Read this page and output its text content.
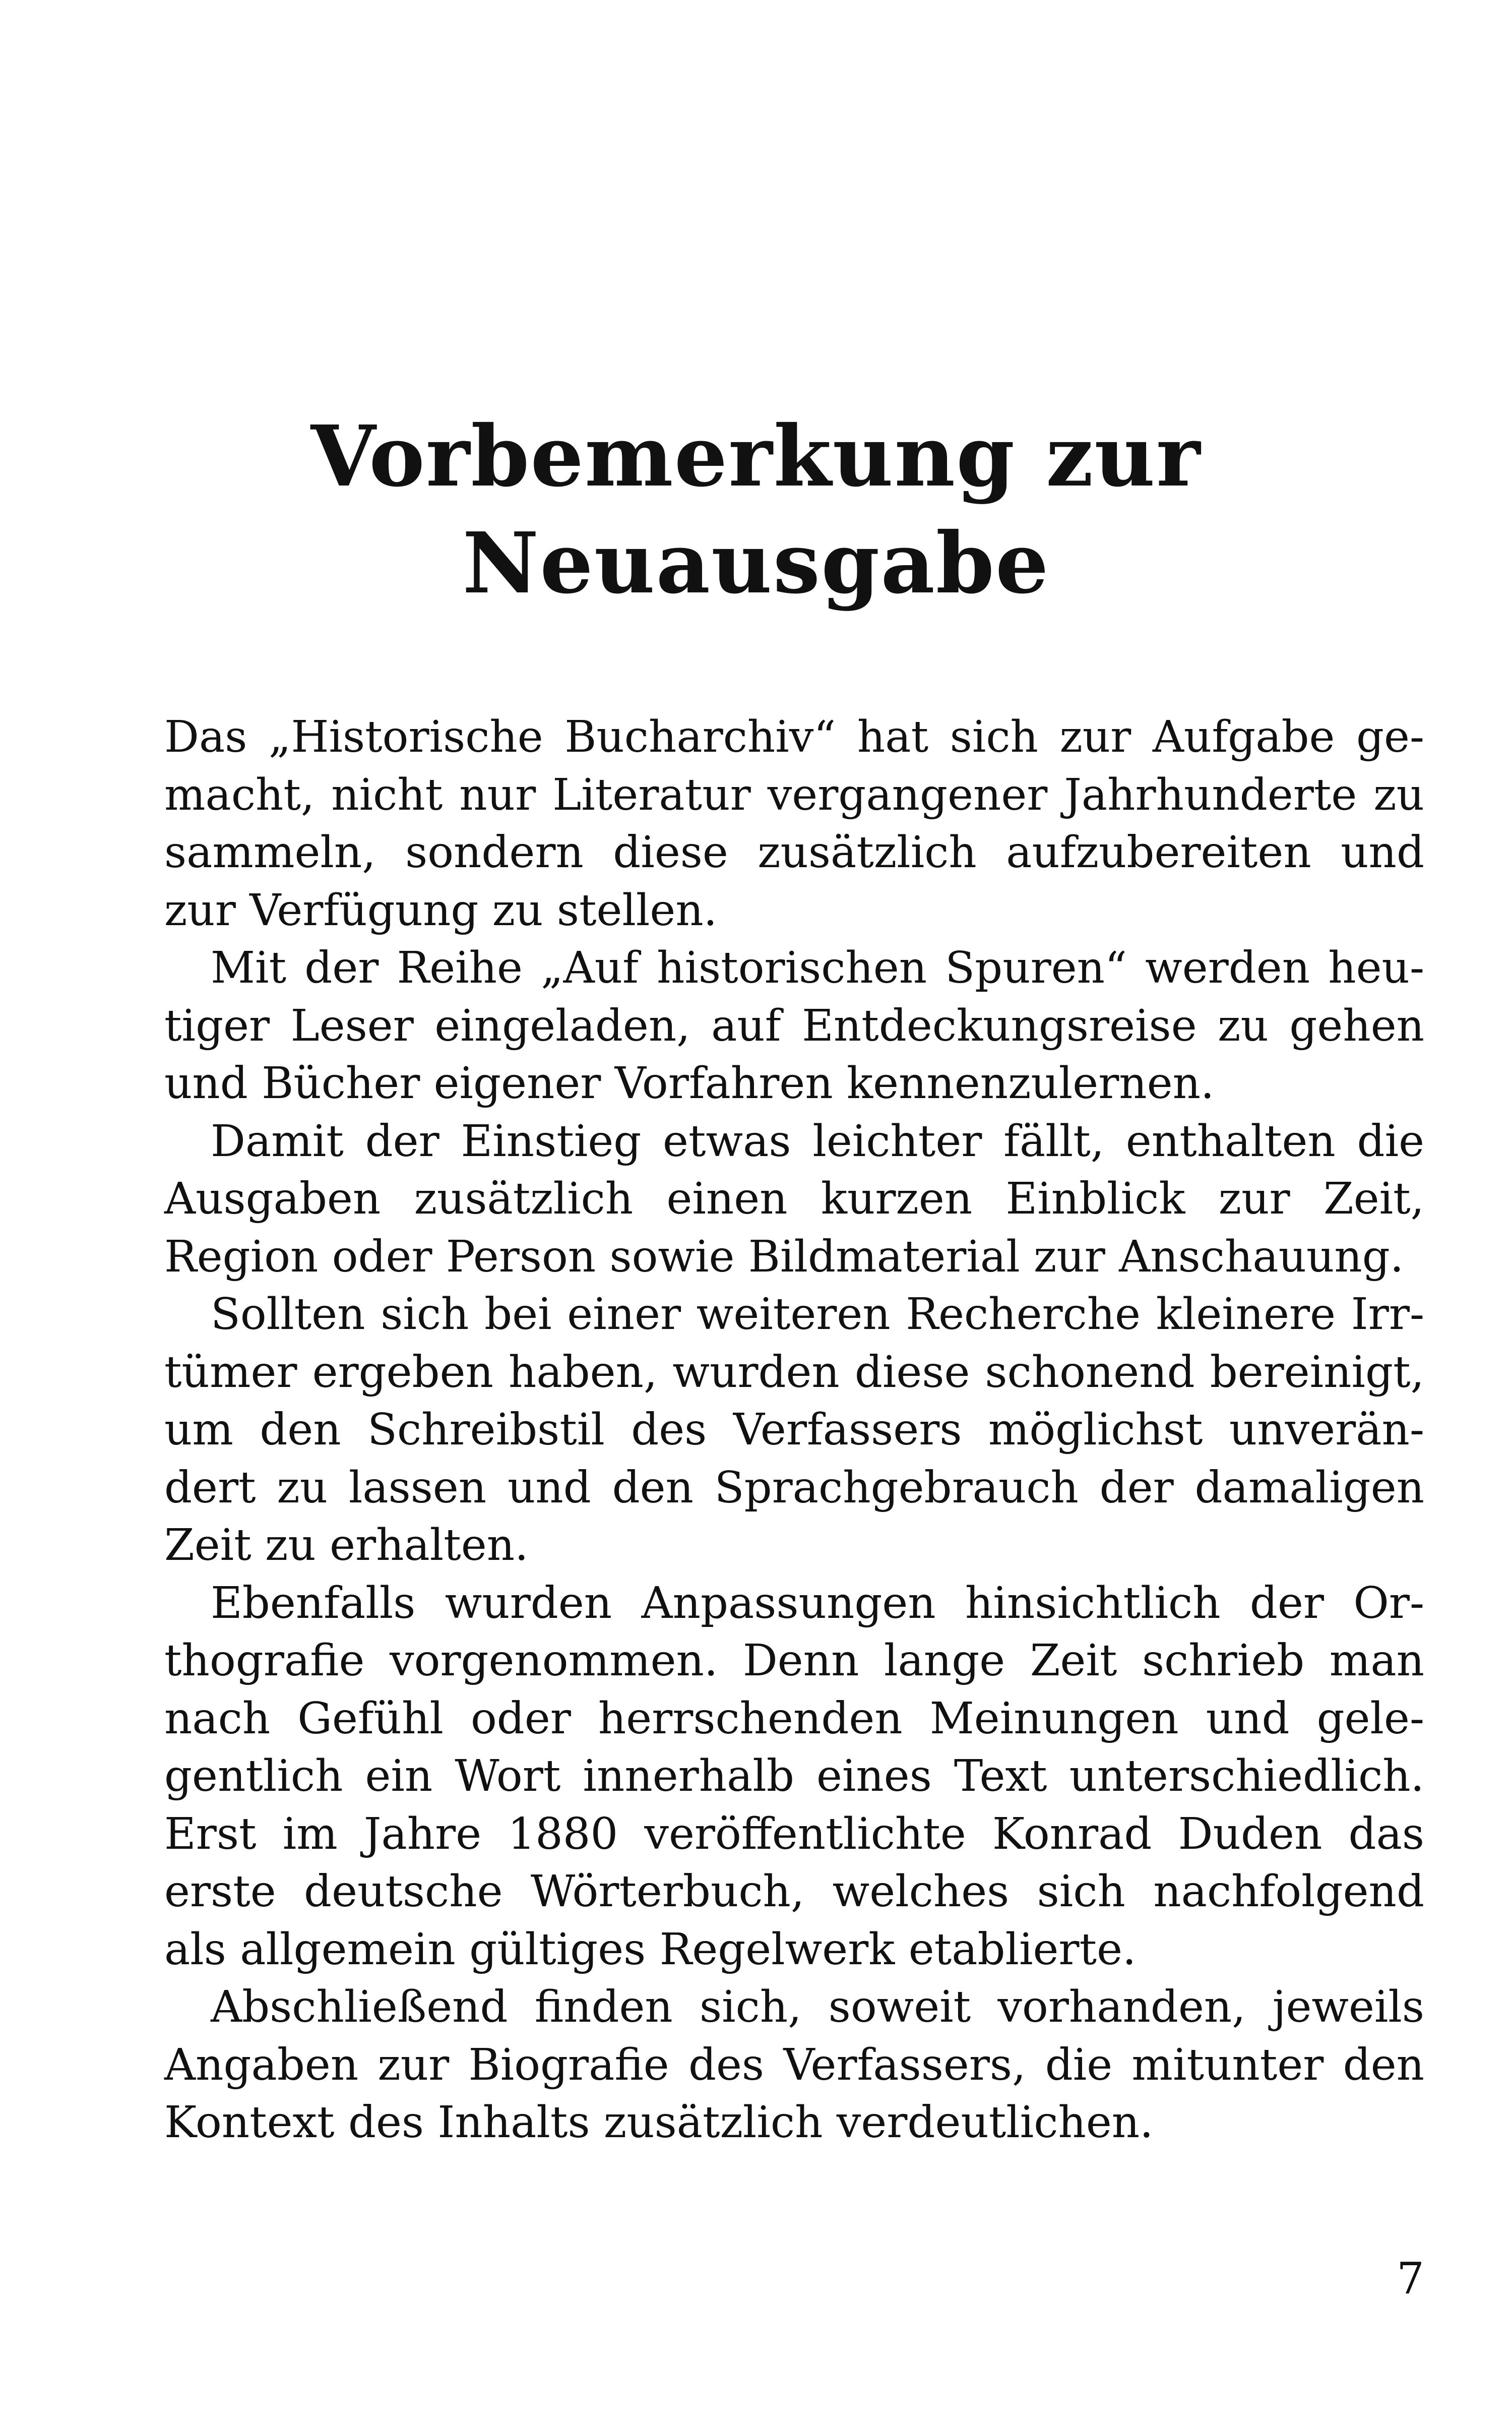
Vorbemerkung zur
Neuausgabe

Das „Historische Bucharchiv“ hat sich zur Aufgabe gemacht, nicht nur Literatur vergangener Jahrhunderte zu sammeln, sondern diese zusätzlich aufzubereiten und zur Verfügung zu stellen.

Mit der Reihe „Auf historischen Spuren“ werden heutiger Leser eingeladen, auf Entdeckungsreise zu gehen und Bücher eigener Vorfahren kennenzulernen.

Damit der Einstieg etwas leichter fällt, enthalten die Ausgaben zusätzlich einen kurzen Einblick zur Zeit, Region oder Person sowie Bildmaterial zur Anschauung.

Sollten sich bei einer weiteren Recherche kleinere Irrtümer ergeben haben, wurden diese schonend bereinigt, um den Schreibstil des Verfassers möglichst unverändert zu lassen und den Sprachgebrauch der damaligen Zeit zu erhalten.

Ebenfalls wurden Anpassungen hinsichtlich der Orthografie vorgenommen. Denn lange Zeit schrieb man nach Gefühl oder herrschenden Meinungen und gelegentlich ein Wort innerhalb eines Text unterschiedlich. Erst im Jahre 1880 veröffentlichte Konrad Duden das erste deutsche Wörterbuch, welches sich nachfolgend als allgemein gültiges Regelwerk etablierte.

Abschließend finden sich, soweit vorhanden, jeweils Angaben zur Biografie des Verfassers, die mitunter den Kontext des Inhalts zusätzlich verdeutlichen.

7
